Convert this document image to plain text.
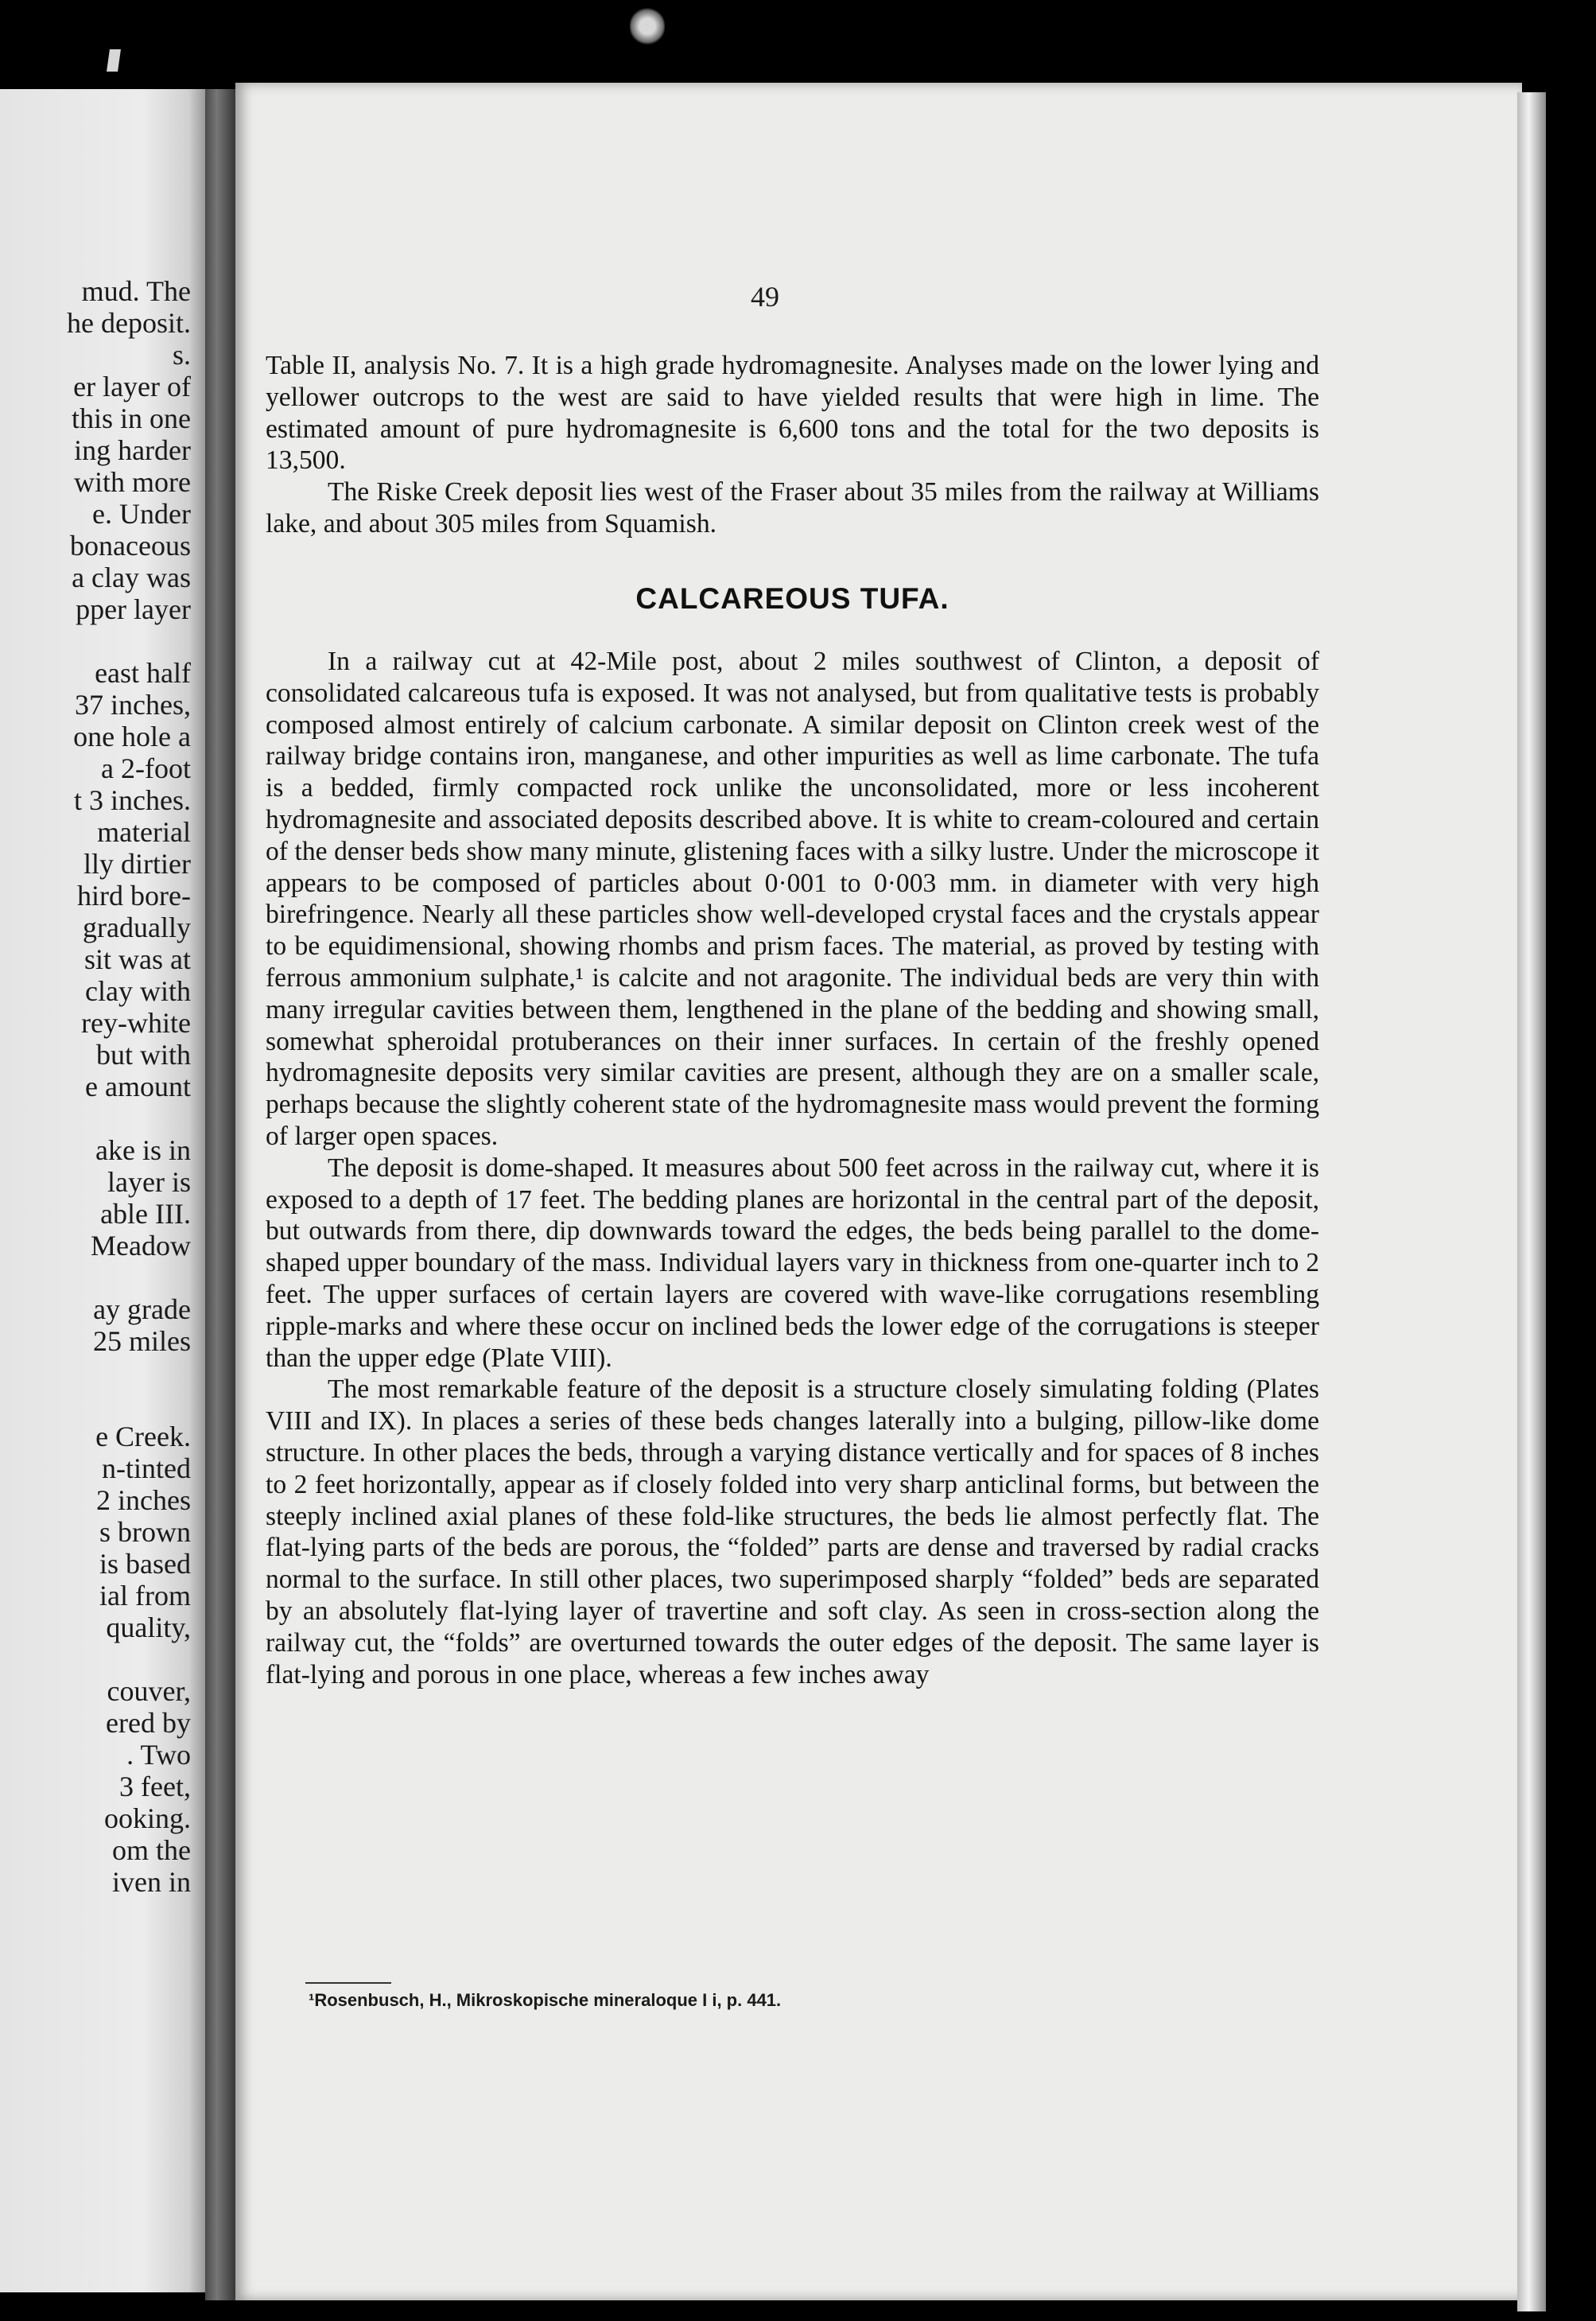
mud. The
he deposit.
s.
er layer of
this in one
ing harder
with more
e. Under
bonaceous
a clay was
pper layer
east half
37 inches,
one hole a
a 2-foot
t 3 inches.
material
lly dirtier
hird bore-
gradually
sit was at
clay with
rey-white
but with
e amount
ake is in
layer is
able III.
Meadow
ay grade
25 miles
e Creek.
n-tinted
2 inches
s brown
is based
ial from
quality,
couver,
ered by
. Two
3 feet,
ooking.
om the
iven in
49

Table II, analysis No. 7. It is a high grade hydromagnesite. Analyses made on the lower lying and yellower outcrops to the west are said to have yielded results that were high in lime. The estimated amount of pure hydromagnesite is 6,600 tons and the total for the two deposits is 13,500.

The Riske Creek deposit lies west of the Fraser about 35 miles from the railway at Williams lake, and about 305 miles from Squamish.

CALCAREOUS TUFA.

In a railway cut at 42-Mile post, about 2 miles southwest of Clinton, a deposit of consolidated calcareous tufa is exposed. It was not analysed, but from qualitative tests is probably composed almost entirely of calcium carbonate. A similar deposit on Clinton creek west of the railway bridge contains iron, manganese, and other impurities as well as lime carbonate. The tufa is a bedded, firmly compacted rock unlike the unconsolidated, more or less incoherent hydromagnesite and associated deposits described above. It is white to cream-coloured and certain of the denser beds show many minute, glistening faces with a silky lustre. Under the microscope it appears to be composed of particles about 0·001 to 0·003 mm. in diameter with very high birefringence. Nearly all these particles show well-developed crystal faces and the crystals appear to be equidimensional, showing rhombs and prism faces. The material, as proved by testing with ferrous ammonium sulphate,¹ is calcite and not aragonite. The individual beds are very thin with many irregular cavities between them, lengthened in the plane of the bedding and showing small, somewhat spheroidal protuberances on their inner surfaces. In certain of the freshly opened hydromagnesite deposits very similar cavities are present, although they are on a smaller scale, perhaps because the slightly coherent state of the hydromagnesite mass would prevent the forming of larger open spaces.

The deposit is dome-shaped. It measures about 500 feet across in the railway cut, where it is exposed to a depth of 17 feet. The bedding planes are horizontal in the central part of the deposit, but outwards from there, dip downwards toward the edges, the beds being parallel to the dome-shaped upper boundary of the mass. Individual layers vary in thickness from one-quarter inch to 2 feet. The upper surfaces of certain layers are covered with wave-like corrugations resembling ripple-marks and where these occur on inclined beds the lower edge of the corrugations is steeper than the upper edge (Plate VIII).

The most remarkable feature of the deposit is a structure closely simulating folding (Plates VIII and IX). In places a series of these beds changes laterally into a bulging, pillow-like dome structure. In other places the beds, through a varying distance vertically and for spaces of 8 inches to 2 feet horizontally, appear as if closely folded into very sharp anticlinal forms, but between the steeply inclined axial planes of these fold-like structures, the beds lie almost perfectly flat. The flat-lying parts of the beds are porous, the “folded” parts are dense and traversed by radial cracks normal to the surface. In still other places, two superimposed sharply “folded” beds are separated by an absolutely flat-lying layer of travertine and soft clay. As seen in cross-section along the railway cut, the “folds” are overturned towards the outer edges of the deposit. The same layer is flat-lying and porous in one place, whereas a few inches away

¹Rosenbusch, H., Mikroskopische mineraloque I i, p. 441.
